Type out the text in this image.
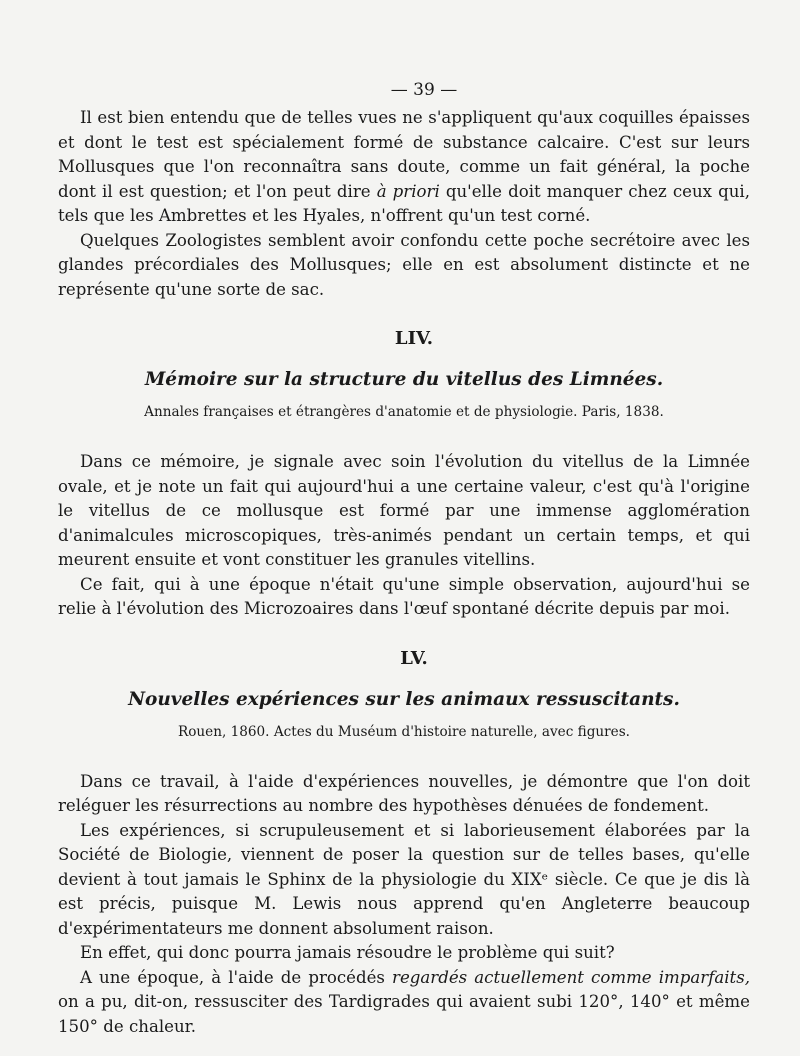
— 39 —

Il est bien entendu que de telles vues ne s'appliquent qu'aux coquilles épaisses et dont le test est spécialement formé de substance calcaire. C'est sur leurs Mollusques que l'on reconnaîtra sans doute, comme un fait général, la poche dont il est question; et l'on peut dire à priori qu'elle doit manquer chez ceux qui, tels que les Ambrettes et les Hyales, n'offrent qu'un test corné.

Quelques Zoologistes semblent avoir confondu cette poche secrétoire avec les glandes précordiales des Mollusques; elle en est absolument distincte et ne représente qu'une sorte de sac.

LIV.
Mémoire sur la structure du vitellus des Limnées.
Annales françaises et étrangères d'anatomie et de physiologie. Paris, 1838.

Dans ce mémoire, je signale avec soin l'évolution du vitellus de la Limnée ovale, et je note un fait qui aujourd'hui a une certaine valeur, c'est qu'à l'origine le vitellus de ce mollusque est formé par une immense agglomération d'animalcules microscopiques, très-animés pendant un certain temps, et qui meurent ensuite et vont constituer les granules vitellins.

Ce fait, qui à une époque n'était qu'une simple observation, aujourd'hui se relie à l'évolution des Microzoaires dans l'œuf spontané décrite depuis par moi.

LV.
Nouvelles expériences sur les animaux ressuscitants.
Rouen, 1860. Actes du Muséum d'histoire naturelle, avec figures.

Dans ce travail, à l'aide d'expériences nouvelles, je démontre que l'on doit reléguer les résurrections au nombre des hypothèses dénuées de fondement.

Les expériences, si scrupuleusement et si laborieusement élaborées par la Société de Biologie, viennent de poser la question sur de telles bases, qu'elle devient à tout jamais le Sphinx de la physiologie du XIXᵉ siècle. Ce que je dis là est précis, puisque M. Lewis nous apprend qu'en Angleterre beaucoup d'expérimentateurs me donnent absolument raison.

En effet, qui donc pourra jamais résoudre le problème qui suit?

A une époque, à l'aide de procédés regardés actuellement comme imparfaits, on a pu, dit-on, ressusciter des Tardigrades qui avaient subi 120°, 140° et même 150° de chaleur.
